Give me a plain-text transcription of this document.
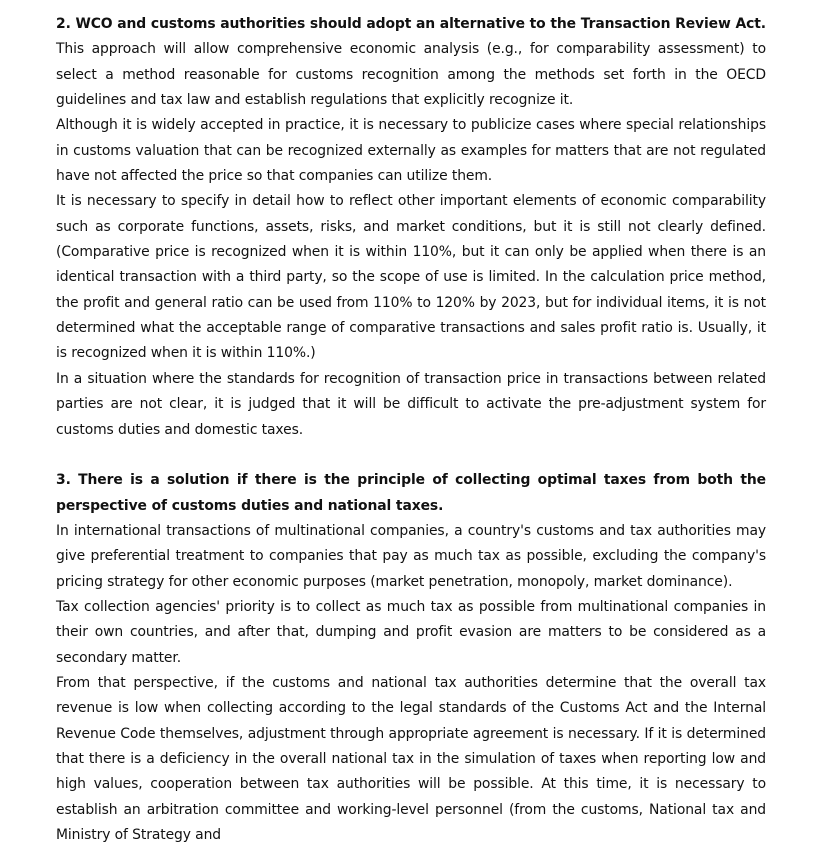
2. WCO and customs authorities should adopt an alternative to the Transaction Review Act.

This approach will allow comprehensive economic analysis (e.g., for comparability assessment) to select a method reasonable for customs recognition among the methods set forth in the OECD guidelines and tax law and establish regulations that explicitly recognize it.

Although it is widely accepted in practice, it is necessary to publicize cases where special relationships in customs valuation that can be recognized externally as examples for matters that are not regulated have not affected the price so that companies can utilize them.

It is necessary to specify in detail how to reflect other important elements of economic comparability such as corporate functions, assets, risks, and market conditions, but it is still not clearly defined. (Comparative price is recognized when it is within 110%, but it can only be applied when there is an identical transaction with a third party, so the scope of use is limited. In the calculation price method, the profit and general ratio can be used from 110% to 120% by 2023, but for individual items, it is not determined what the acceptable range of comparative transactions and sales profit ratio is. Usually, it is recognized when it is within 110%.)

In a situation where the standards for recognition of transaction price in transactions between related parties are not clear, it is judged that it will be difficult to activate the pre-adjustment system for customs duties and domestic taxes.

3. There is a solution if there is the principle of collecting optimal taxes from both the perspective of customs duties and national taxes.

In international transactions of multinational companies, a country's customs and tax authorities may give preferential treatment to companies that pay as much tax as possible, excluding the company's pricing strategy for other economic purposes (market penetration, monopoly, market dominance).

Tax collection agencies' priority is to collect as much tax as possible from multinational companies in their own countries, and after that, dumping and profit evasion are matters to be considered as a secondary matter.

From that perspective, if the customs and national tax authorities determine that the overall tax revenue is low when collecting according to the legal standards of the Customs Act and the Internal Revenue Code themselves, adjustment through appropriate agreement is necessary. If it is determined that there is a deficiency in the overall national tax in the simulation of taxes when reporting low and high values, cooperation between tax authorities will be possible. At this time, it is necessary to establish an arbitration committee and working-level personnel (from the customs, National tax and Ministry of Strategy and
